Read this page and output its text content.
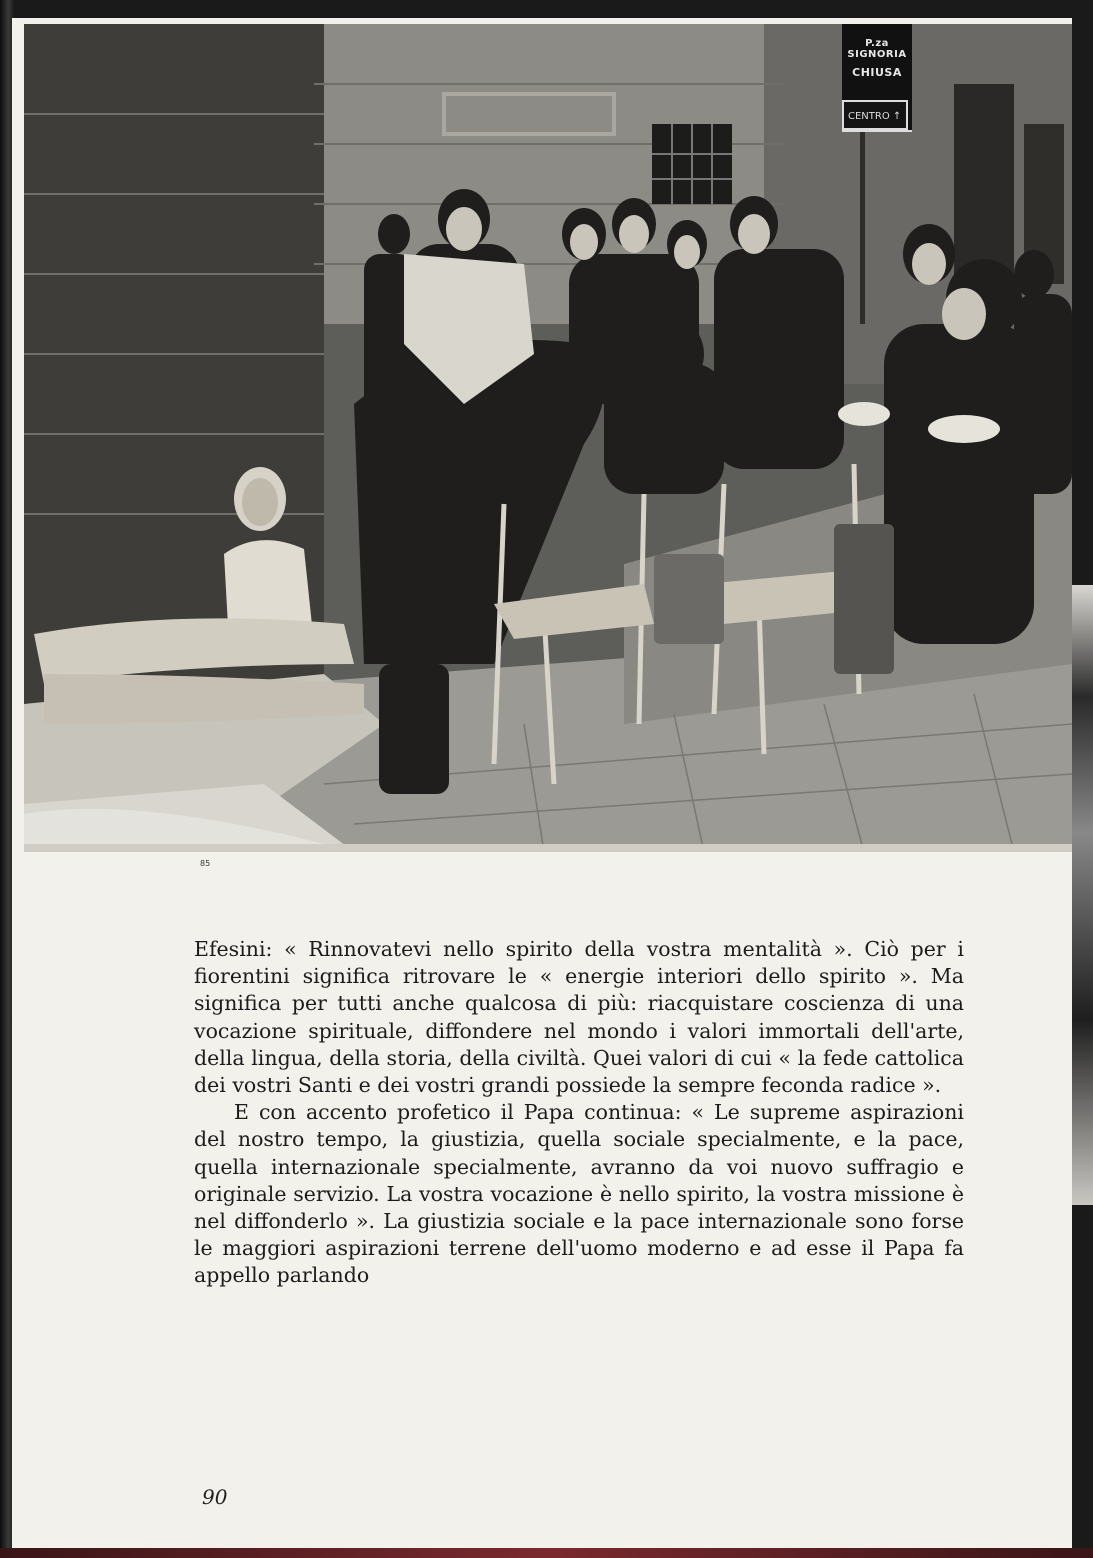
P.za SIGNORIA
CHIUSA
CENTRO ↑
85

Efesini: « Rinnovatevi nello spirito della vostra mentalità ». Ciò per i fiorentini significa ritrovare le « energie interiori dello spirito ». Ma significa per tutti anche qualcosa di più: riacquistare coscienza di una vocazione spirituale, diffondere nel mondo i valori immortali dell'arte, della lingua, della storia, della civiltà. Quei valori di cui « la fede cattolica dei vostri Santi e dei vostri grandi possiede la sempre feconda radice ».

E con accento profetico il Papa continua: « Le supreme aspirazioni del nostro tempo, la giustizia, quella sociale specialmente, e la pace, quella internazionale specialmente, avranno da voi nuovo suffragio e originale servizio. La vostra vocazione è nello spirito, la vostra missione è nel diffonderlo ». La giustizia sociale e la pace internazionale sono forse le maggiori aspirazioni terrene dell'uomo moderno e ad esse il Papa fa appello parlando

90
